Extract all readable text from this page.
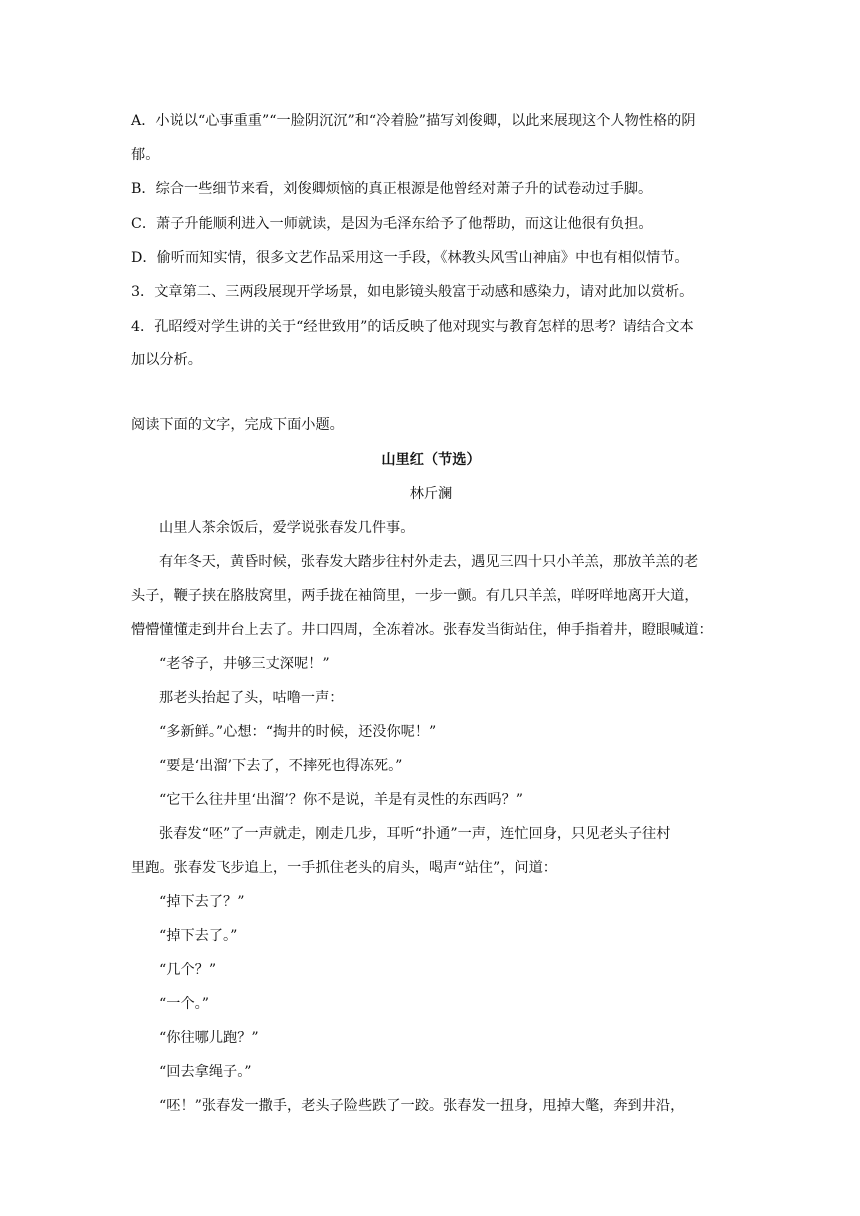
A．小说以“心事重重”“一脸阴沉沉”和“冷着脸”描写刘俊卿，以此来展现这个人物性格的阴
郁。
B．综合一些细节来看，刘俊卿烦恼的真正根源是他曾经对萧子升的试卷动过手脚。
C．萧子升能顺利进入一师就读，是因为毛泽东给予了他帮助，而这让他很有负担。
D．偷听而知实情，很多文艺作品采用这一手段，《林教头风雪山神庙》中也有相似情节。
3．文章第二、三两段展现开学场景，如电影镜头般富于动感和感染力，请对此加以赏析。
4．孔昭绶对学生讲的关于“经世致用”的话反映了他对现实与教育怎样的思考？请结合文本
加以分析。
阅读下面的文字，完成下面小题。
山里红（节选）
林斤澜
山里人茶余饭后，爱学说张春发几件事。
有年冬天，黄昏时候，张春发大踏步往村外走去，遇见三四十只小羊羔，那放羊羔的老
头子，鞭子挟在胳肢窝里，两手拢在袖筒里，一步一颤。有几只羊羔，咩呀咩地离开大道，
懵懵懂懂走到井台上去了。井口四周，全冻着冰。张春发当街站住，伸手指着井，瞪眼喊道：
“老爷子，井够三丈深呢！”
那老头抬起了头，咕噜一声：
“多新鲜。”心想：“掏井的时候，还没你呢！”
“要是‘出溜’下去了，不摔死也得冻死。”
“它干么往井里‘出溜’？你不是说，羊是有灵性的东西吗？”
张春发“呸”了一声就走，刚走几步，耳听“扑通”一声，连忙回身，只见老头子往村
里跑。张春发飞步追上，一手抓住老头的肩头，喝声“站住”，问道：
“掉下去了？”
“掉下去了。”
“几个？”
“一个。”
“你往哪儿跑？”
“回去拿绳子。”
“呸！”张春发一撒手，老头子险些跌了一跤。张春发一扭身，甩掉大氅，奔到井沿，
